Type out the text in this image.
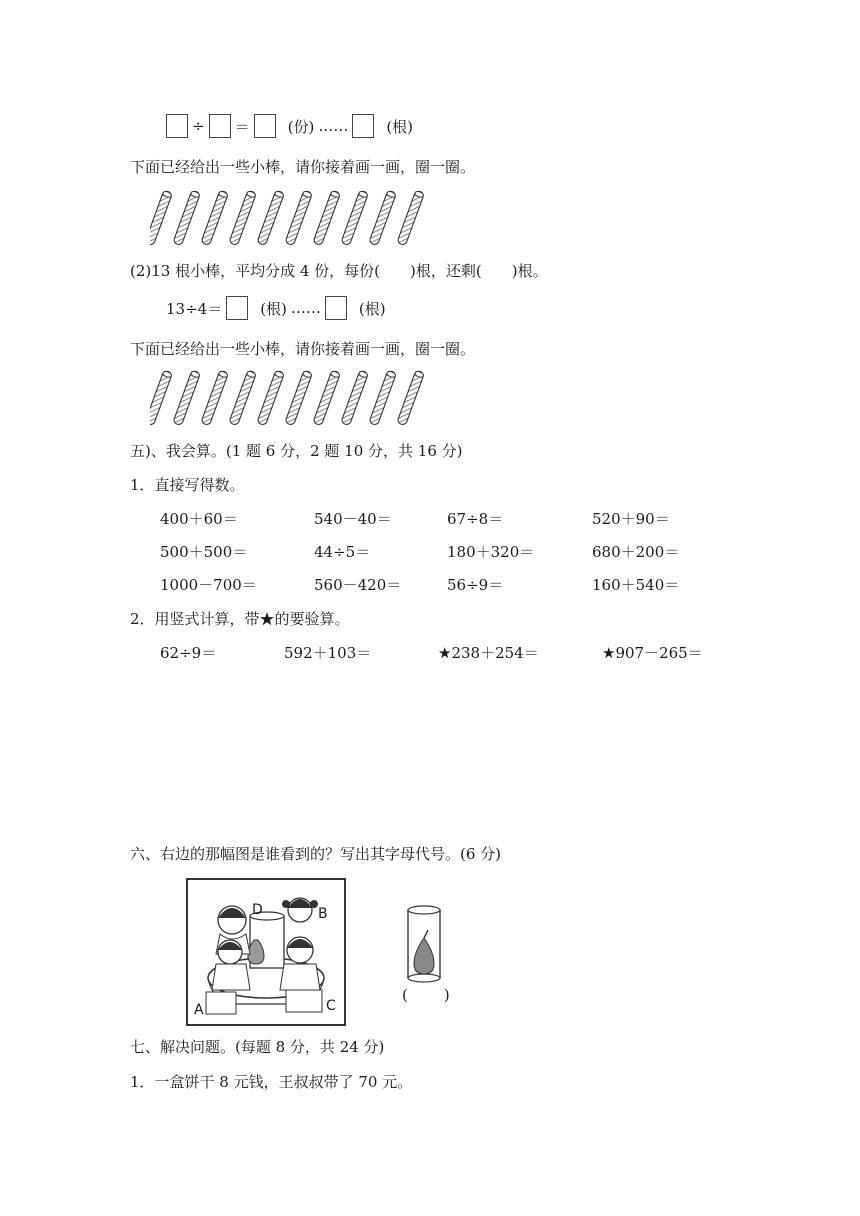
÷ ＝	(份) ……	(根)
下面已经给出一些小棒，请你接着画一画，圈一圈。
(2)13 根小棒，平均分成 4 份，每份(　　)根，还剩(　　)根。
13÷4＝	(根) ……	(根)
下面已经给出一些小棒，请你接着画一画，圈一圈。
五)、我会算。(1 题 6 分，2 题 10 分，共 16 分)
1．直接写得数。
400＋60＝	540－40＝	67÷8＝	520＋90＝
500＋500＝	44÷5＝	180＋320＝	680＋200＝
1000－700＝	560－420＝	56÷9＝	160＋540＝
2．用竖式计算，带★的要验算。
62÷9＝	592＋103＝	★238＋254＝	★907－265＝
六、右边的那幅图是谁看到的？写出其字母代号。(6 分)
D	B
A	C
(　　)
七、解决问题。(每题 8 分，共 24 分)
1．一盒饼干 8 元钱，王叔叔带了 70 元。
